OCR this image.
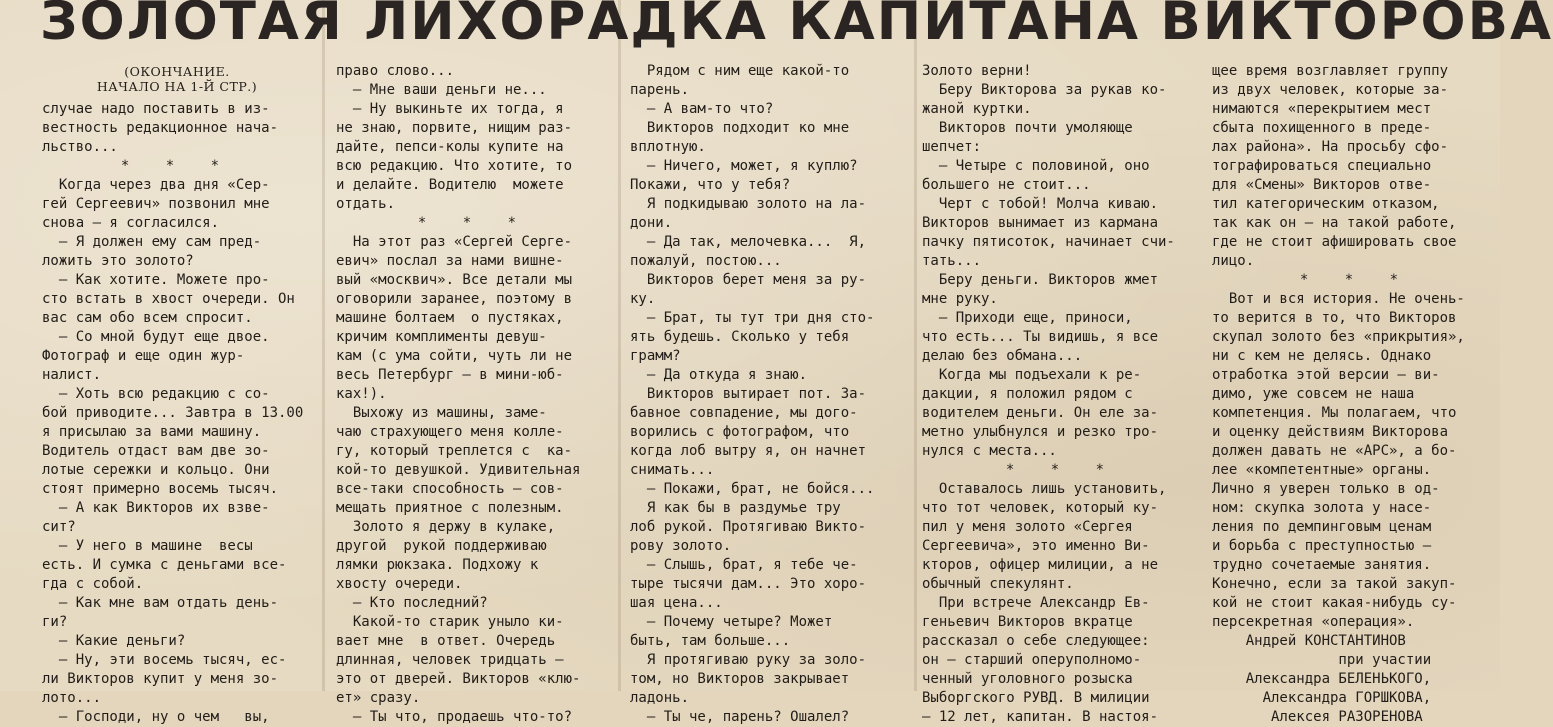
ЗОЛОТАЯ ЛИХОРАДКА КАПИТАНА ВИКТОРОВА
(ОКОНЧАНИЕ.
НАЧАЛО НА 1-Й СТР.)
случае надо поставить в из-
вестность редакционное нача-
льство...
* * *
Когда через два дня «Сер-
гей Сергеевич» позвонил мне
снова — я согласился.
— Я должен ему сам пред-
ложить это золото?
— Как хотите. Можете про-
сто встать в хвост очереди. Он
вас сам обо всем спросит.
— Со мной будут еще двое.
Фотограф и еще один жур-
налист.
— Хоть всю редакцию с со-
бой приводите... Завтра в 13.00
я присылаю за вами машину.
Водитель отдаст вам две зо-
лотые сережки и кольцо. Они
стоят примерно восемь тысяч.
— А как Викторов их взве-
сит?
— У него в машине  весы
есть. И сумка с деньгами все-
гда с собой.
— Как мне вам отдать день-
ги?
— Какие деньги?
— Ну, эти восемь тысяч, ес-
ли Викторов купит у меня зо-
лото...
— Господи, ну о чем   вы,
право слово...
— Мне ваши деньги не...
— Ну выкиньте их тогда, я
не знаю, порвите, нищим раз-
дайте, пепси-колы купите на
всю редакцию. Что хотите, то
и делайте. Водителю  можете
отдать.
* * *
На этот раз «Сергей Серге-
евич» послал за нами вишне-
вый «москвич». Все детали мы
оговорили заранее, поэтому в
машине болтаем  о пустяках,
кричим комплименты девуш-
кам (с ума сойти, чуть ли не
весь Петербург — в мини-юб-
ках!).
Выхожу из машины, заме-
чаю страхующего меня колле-
гу, который треплется с  ка-
кой-то девушкой. Удивительная
все-таки способность — сов-
мещать приятное с полезным.
Золото я держу в кулаке,
другой  рукой поддерживаю
лямки рюкзака. Подхожу к
хвосту очереди.
— Кто последний?
Какой-то старик уныло ки-
вает мне  в ответ. Очередь
длинная, человек тридцать —
это от дверей. Викторов «клю-
ет» сразу.
— Ты что, продаешь что-то?
Рядом с ним еще какой-то
парень.
— А вам-то что?
Викторов подходит ко мне
вплотную.
— Ничего, может, я куплю?
Покажи, что у тебя?
Я подкидываю золото на ла-
дони.
— Да так, мелочевка...  Я,
пожалуй, постою...
Викторов берет меня за ру-
ку.
— Брат, ты тут три дня сто-
ять будешь. Сколько у тебя
грамм?
— Да откуда я знаю.
Викторов вытирает пот. За-
бавное совпадение, мы дого-
ворились с фотографом, что
когда лоб вытру я, он начнет
снимать...
— Покажи, брат, не бойся...
Я как бы в раздумье тру
лоб рукой. Протягиваю Викто-
рову золото.
— Слышь, брат, я тебе че-
тыре тысячи дам... Это хоро-
шая цена...
— Почему четыре? Может
быть, там больше...
Я протягиваю руку за золо-
том, но Викторов закрывает
ладонь.
— Ты че, парень? Ошалел?
Золото верни!
Беру Викторова за рукав ко-
жаной куртки.
Викторов почти умоляюще
шепчет:
— Четыре с половиной, оно
большего не стоит...
Черт с тобой! Молча киваю.
Викторов вынимает из кармана
пачку пятисоток, начинает счи-
тать...
Беру деньги. Викторов жмет
мне руку.
— Приходи еще, приноси,
что есть... Ты видишь, я все
делаю без обмана...
Когда мы подъехали к ре-
дакции, я положил рядом с
водителем деньги. Он еле за-
метно улыбнулся и резко тро-
нулся с места...
* * *
Оставалось лишь установить,
что тот человек, который ку-
пил у меня золото «Сергея
Сергеевича», это именно Ви-
кторов, офицер милиции, а не
обычный спекулянт.
При встрече Александр Ев-
геньевич Викторов вкратце
рассказал о себе следующее:
он — старший оперуполномо-
ченный уголовного розыска
Выборгского РУВД. В милиции
— 12 лет, капитан. В настоя-
щее время возглавляет группу
из двух человек, которые за-
нимаются «перекрытием мест
сбыта похищенного в преде-
лах района». На просьбу сфо-
тографироваться специально
для «Смены» Викторов отве-
тил категорическим отказом,
так как он — на такой работе,
где не стоит афишировать свое
лицо.
* * *
Вот и вся история. Не очень-
то верится в то, что Викторов
скупал золото без «прикрытия»,
ни с кем не делясь. Однако
отработка этой версии — ви-
димо, уже совсем не наша
компетенция. Мы полагаем, что
и оценку действиям Викторова
должен давать не «АРС», а бо-
лее «компетентные» органы.
Лично я уверен только в од-
ном: скупка золота у насе-
ления по демпинговым ценам
и борьба с преступностью —
трудно сочетаемые занятия.
Конечно, если за такой закуп-
кой не стоит какая-нибудь су-
персекретная «операция».
Андрей КОНСТАНТИНОВ
при участии
Александра БЕЛЕНЬКОГО,
Александра ГОРШКОВА,
Алексея РАЗОРЕНОВА
